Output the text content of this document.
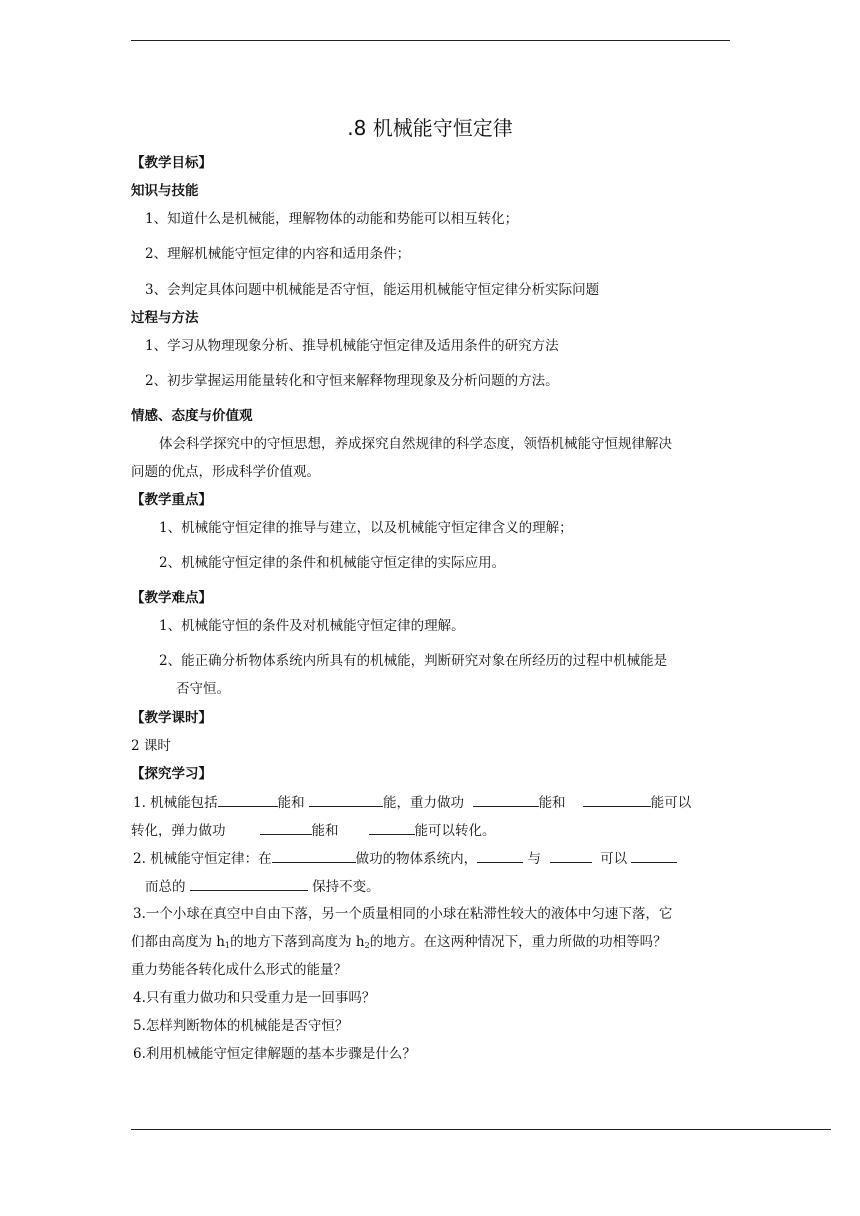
.8 机械能守恒定律
【教学目标】
知识与技能
1、知道什么是机械能，理解物体的动能和势能可以相互转化；
2、理解机械能守恒定律的内容和适用条件；
3、会判定具体问题中机械能是否守恒，能运用机械能守恒定律分析实际问题
过程与方法
1、学习从物理现象分析、推导机械能守恒定律及适用条件的研究方法
2、初步掌握运用能量转化和守恒来解释物理现象及分析问题的方法。
情感、态度与价值观
体会科学探究中的守恒思想，养成探究自然规律的科学态度，领悟机械能守恒规律解决
问题的优点，形成科学价值观。
【教学重点】
1、机械能守恒定律的推导与建立，以及机械能守恒定律含义的理解；
2、机械能守恒定律的条件和机械能守恒定律的实际应用。
【教学难点】
1、机械能守恒的条件及对机械能守恒定律的理解。
2、能正确分析物体系统内所具有的机械能，判断研究对象在所经历的过程中机械能是
否守恒。
【教学课时】
2 课时
【探究学习】
1. 机械能包括	能和	能，重力做功	能和	能可以
转化，弹力做功	能和	能可以转化。
2. 机械能守恒定律：在	做功的物体系统内，	与	可以
而总的	保持不变。
3.一个小球在真空中自由下落，另一个质量相同的小球在粘滞性较大的液体中匀速下落，它
们都由高度为 $h_1$的地方下落到高度为 $h_2$的地方。在这两种情况下，重力所做的功相等吗？
重力势能各转化成什么形式的能量？
4.只有重力做功和只受重力是一回事吗？
5.怎样判断物体的机械能是否守恒？
6.利用机械能守恒定律解题的基本步骤是什么？
